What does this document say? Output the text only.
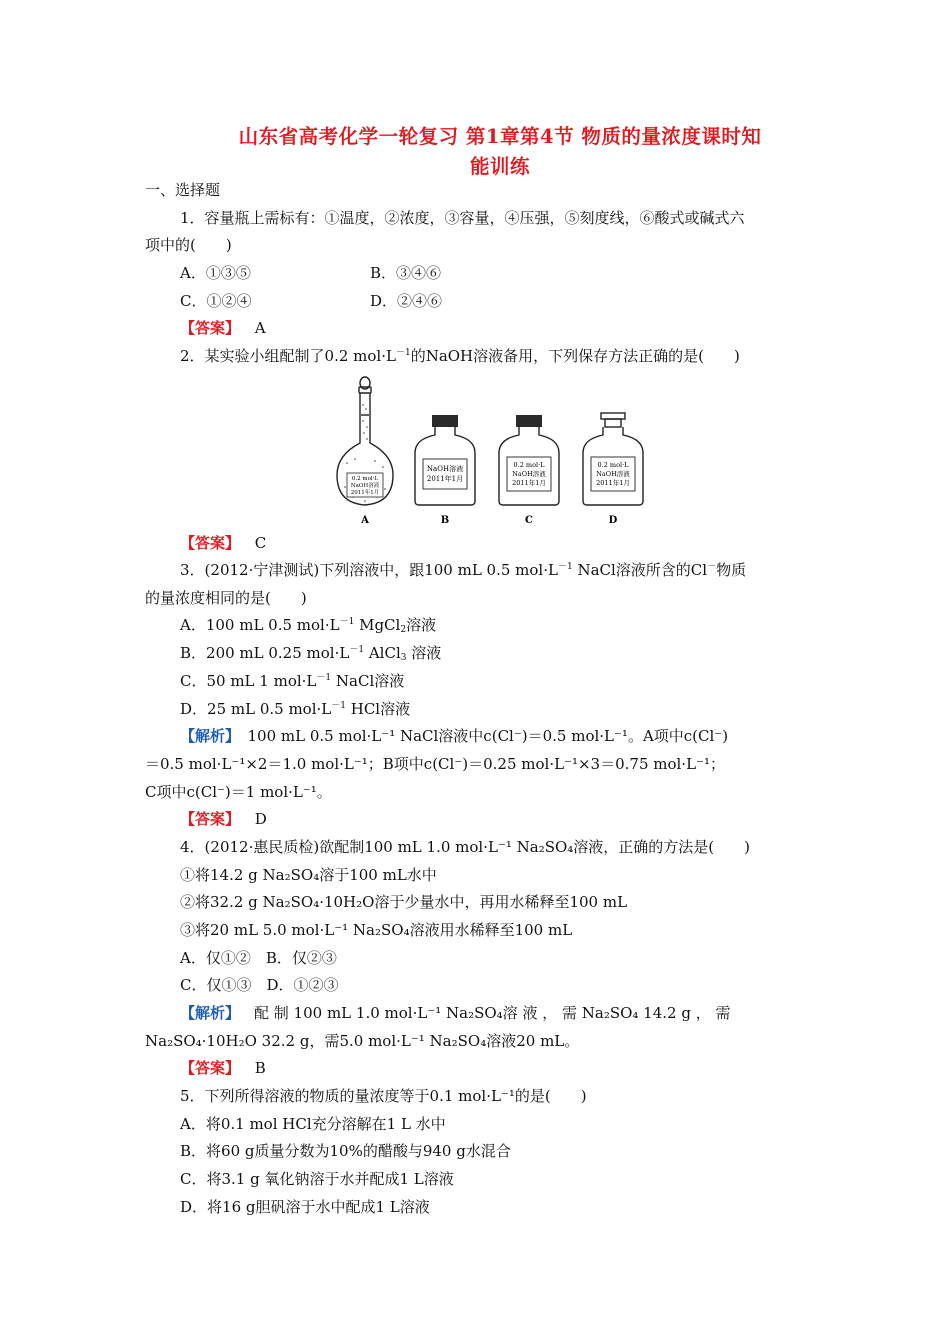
山东省高考化学一轮复习 第1章第4节 物质的量浓度课时知
能训练
一、选择题
1．容量瓶上需标有：①温度，②浓度，③容量，④压强，⑤刻度线，⑥酸式或碱式六
项中的(　　)
A．①③⑤	B．③④⑥
C．①②④	D．②④⑥
【答案】 A
2．某实验小组配制了0.2 $mol\cdot L^{-1}$的NaOH溶液备用，下列保存方法正确的是(　　)
0.2 mol·L
NaOH溶液
2011年1月
A
NaOH溶液
2011年1月
B
0.2 mol·L
NaOH溶液
2011年1月
C
0.2 mol·L
NaOH溶液
2011年1月
D
【答案】 C
3．(2012·宁津测试)下列溶液中，跟100 mL 0.5 $mol\cdot L^{-1}$ NaCl溶液所含的Cl－物质
的量浓度相同的是(　　)
A．100 mL 0.5 $mol\cdot L^{-1}$ MgCl$_2$溶液
B．200 mL 0.25 $mol\cdot L^{-1}$ AlCl$_3$ 溶液
C．50 mL 1 $mol\cdot L^{-1}$ NaCl溶液
D．25 mL 0.5 $mol\cdot L^{-1}$ HCl溶液
【解析】　100 mL 0.5 mol·L⁻¹ NaCl溶液中c(Cl⁻)＝0.5 mol·L⁻¹。A项中c(Cl⁻)
＝0.5 mol·L⁻¹×2＝1.0 mol·L⁻¹；B项中c(Cl⁻)＝0.25 mol·L⁻¹×3＝0.75 mol·L⁻¹；
C项中c(Cl⁻)＝1 mol·L⁻¹。
【答案】 D
4．(2012·惠民质检)欲配制100 mL 1.0 mol·L⁻¹ Na₂SO₄溶液，正确的方法是(　　)
①将14.2 g Na₂SO₄溶于100 mL水中
②将32.2 g Na₂SO₄·10H₂O溶于少量水中，再用水稀释至100 mL
③将20 mL 5.0 mol·L⁻¹ Na₂SO₄溶液用水稀释至100 mL
A．仅①②　B．仅②③
C．仅①③　D．①②③
【解析】 配 制 100 mL 1.0 mol·L⁻¹ Na₂SO₄溶 液 ， 需 Na₂SO₄ 14.2 g ， 需
Na₂SO₄·10H₂O 32.2 g，需5.0 mol·L⁻¹ Na₂SO₄溶液20 mL。
【答案】 B
5．下列所得溶液的物质的量浓度等于0.1 mol·L⁻¹的是(　　)
A．将0.1 mol HCl充分溶解在1 L 水中
B．将60 g质量分数为10%的醋酸与940 g水混合
C．将3.1 g 氧化钠溶于水并配成1 L溶液
D．将16 g胆矾溶于水中配成1 L溶液
